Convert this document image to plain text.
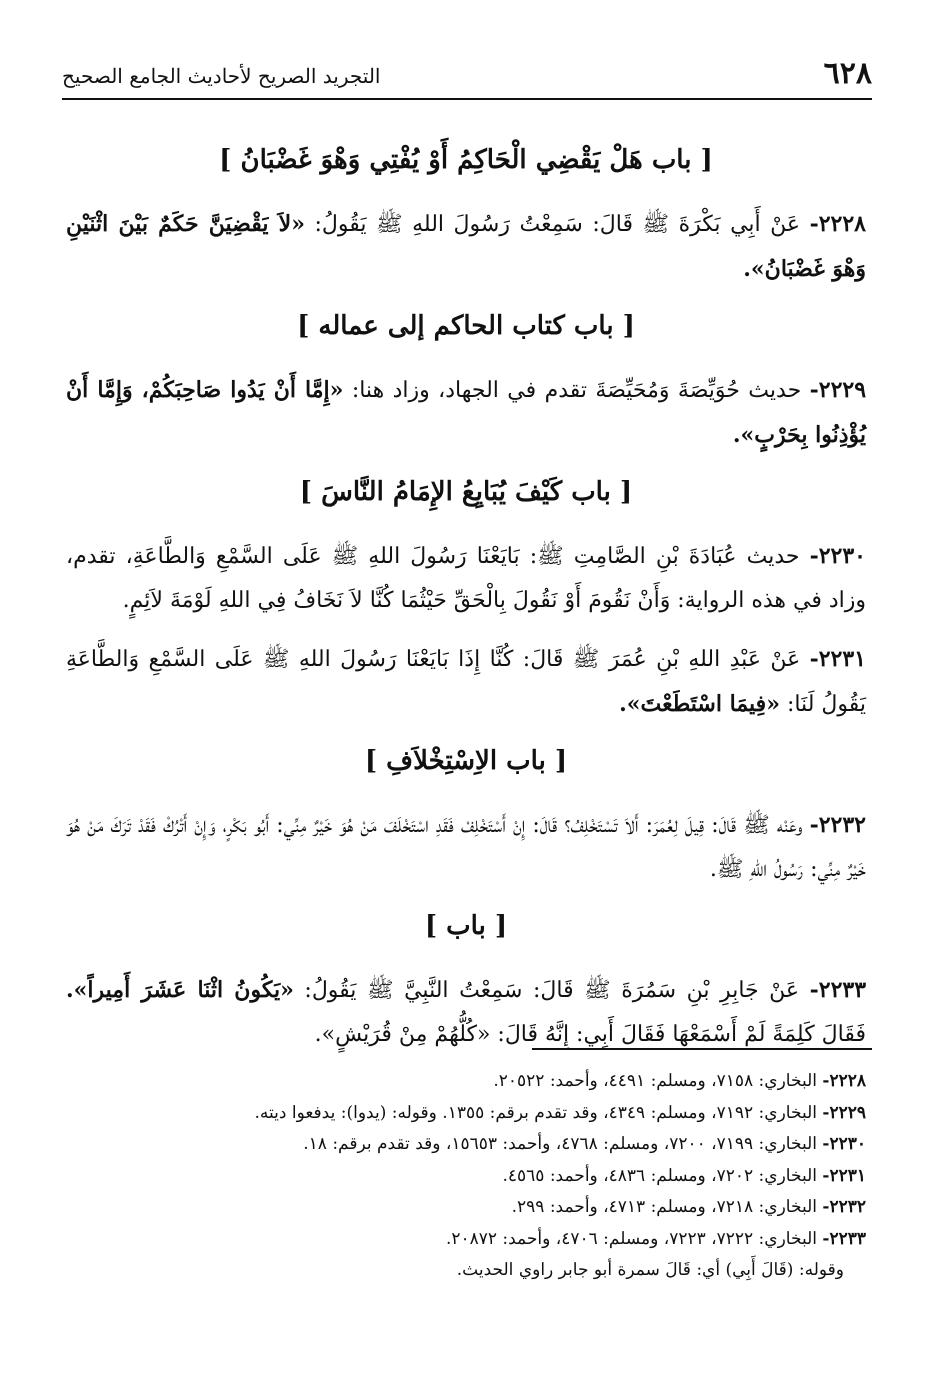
٦٢٨
التجريد الصريح لأحاديث الجامع الصحيح
[ باب هَلْ يَقْضِي الْحَاكِمُ أَوْ يُفْتِي وَهْوَ غَضْبَانُ ]

٢٢٢٨- عَنْ أَبِي بَكْرَةَ ﷺ قَالَ: سَمِعْتُ رَسُولَ اللهِ ﷺ يَقُولُ: «لاَ يَقْضِيَنَّ حَكَمٌ بَيْنَ اثْنَيْنِ وَهْوَ غَضْبَانُ».

[ باب كتاب الحاكم إلى عماله ]

٢٢٢٩- حديث حُوَيِّصَةَ وَمُحَيِّصَةَ تقدم في الجهاد، وزاد هنا: «إِمَّا أَنْ يَدُوا صَاحِبَكُمْ، وَإِمَّا أَنْ يُؤْذِنُوا بِحَرْبٍ».

[ باب كَيْفَ يُبَايِعُ الإِمَامُ النَّاسَ ]

٢٢٣٠- حديث عُبَادَةَ بْنِ الصَّامِتِ ﷺ: بَايَعْنَا رَسُولَ اللهِ ﷺ عَلَى السَّمْعِ وَالطَّاعَةِ، تقدم، وزاد في هذه الرواية: وَأَنْ نَقُومَ أَوْ نَقُولَ بِالْحَقِّ حَيْثُمَا كُنَّا لاَ نَخَافُ فِي اللهِ لَوْمَةَ لاَئِمٍ.

٢٢٣١- عَنْ عَبْدِ اللهِ بْنِ عُمَرَ ﷺ قَالَ: كُنَّا إِذَا بَايَعْنَا رَسُولَ اللهِ ﷺ عَلَى السَّمْعِ وَالطَّاعَةِ يَقُولُ لَنَا: «فِيمَا اسْتَطَعْتَ».

[ باب الاِسْتِخْلاَفِ ]

٢٢٣٢- وعَنْه ﷺ قَالَ: قِيلَ لِعُمَرَ: أَلاَ تَسْتَخْلِفُ؟ قَالَ: إِنْ أَسْتَخْلِفْ فَقَدِ اسْتَخْلَفَ مَنْ هُوَ خَيْرٌ مِنِّي: أَبُو بَكْرٍ، وَإِنْ أَتْرُكْ فَقَدْ تَرَكَ مَنْ هُوَ خَيْرٌ مِنِّي: رَسُولُ اللهِ ﷺ.

[ باب ]

٢٢٣٣- عَنْ جَابِرِ بْنِ سَمُرَةَ ﷺ قَالَ: سَمِعْتُ النَّبِيَّ ﷺ يَقُولُ: «يَكُونُ اثْنَا عَشَرَ أَمِيراً». فَقَالَ كَلِمَةً لَمْ أَسْمَعْهَا فَقَالَ أَبِي: إِنَّهُ قَالَ: «كُلُّهُمْ مِنْ قُرَيْشٍ».

٢٢٢٨- البخاري: ٧١٥٨، ومسلم: ٤٤٩١، وأحمد: ٢٠٥٢٢.

٢٢٢٩- البخاري: ٧١٩٢، ومسلم: ٤٣٤٩، وقد تقدم برقم: ١٣٥٥. وقوله: (يدوا): يدفعوا ديته.

٢٢٣٠- البخاري: ٧١٩٩، ٧٢٠٠، ومسلم: ٤٧٦٨، وأحمد: ١٥٦٥٣، وقد تقدم برقم: ١٨.

٢٢٣١- البخاري: ٧٢٠٢، ومسلم: ٤٨٣٦، وأحمد: ٤٥٦٥.

٢٢٣٢- البخاري: ٧٢١٨، ومسلم: ٤٧١٣، وأحمد: ٢٩٩.

٢٢٣٣- البخاري: ٧٢٢٢، ٧٢٢٣، ومسلم: ٤٧٠٦، وأحمد: ٢٠٨٧٢.

وقوله: (قَالَ أَبِي) أي: قَالَ سمرة أبو جابر راوي الحديث.
